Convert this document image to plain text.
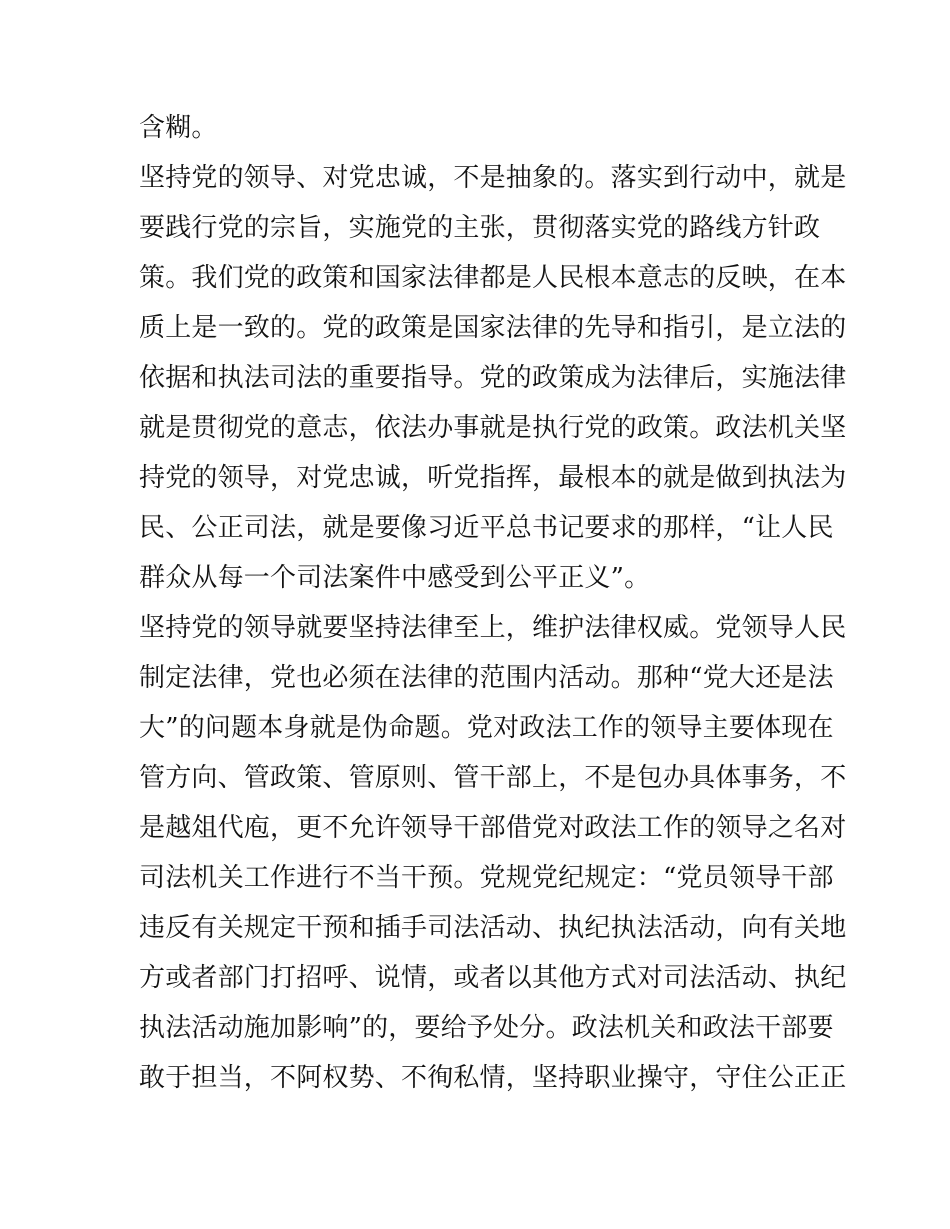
含糊。
坚持党的领导、对党忠诚，不是抽象的。落实到行动中，就是
要践行党的宗旨，实施党的主张，贯彻落实党的路线方针政
策。我们党的政策和国家法律都是人民根本意志的反映，在本
质上是一致的。党的政策是国家法律的先导和指引，是立法的
依据和执法司法的重要指导。党的政策成为法律后，实施法律
就是贯彻党的意志，依法办事就是执行党的政策。政法机关坚
持党的领导，对党忠诚，听党指挥，最根本的就是做到执法为
民、公正司法，就是要像习近平总书记要求的那样，“让人民
群众从每一个司法案件中感受到公平正义”。
坚持党的领导就要坚持法律至上，维护法律权威。党领导人民
制定法律，党也必须在法律的范围内活动。那种“党大还是法
大”的问题本身就是伪命题。党对政法工作的领导主要体现在
管方向、管政策、管原则、管干部上，不是包办具体事务，不
是越俎代庖，更不允许领导干部借党对政法工作的领导之名对
司法机关工作进行不当干预。党规党纪规定：“党员领导干部
违反有关规定干预和插手司法活动、执纪执法活动，向有关地
方或者部门打招呼、说情，或者以其他方式对司法活动、执纪
执法活动施加影响”的，要给予处分。政法机关和政法干部要
敢于担当，不阿权势、不徇私情，坚持职业操守，守住公正正
